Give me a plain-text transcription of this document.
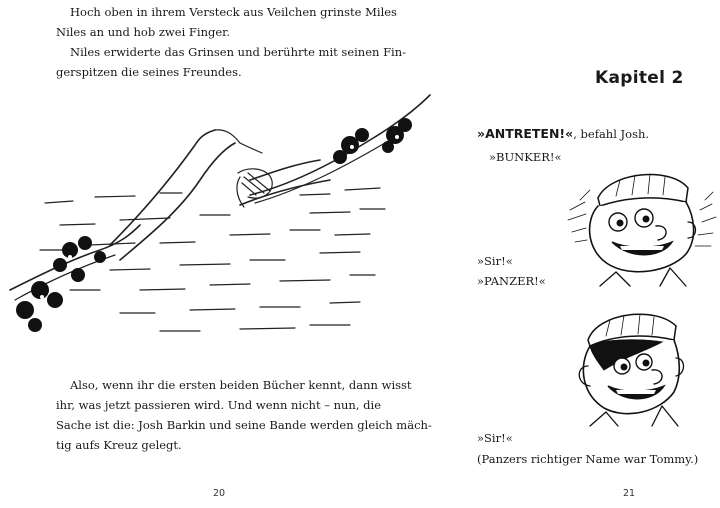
Hoch oben in ihrem Versteck aus Veilchen grinste Miles
Niles an und hob zwei Finger.
Niles erwiderte das Grinsen und berührte mit seinen Fin-
gerspitzen die seines Freundes.

Also, wenn ihr die ersten beiden Bücher kennt, dann wisst
ihr, was jetzt passieren wird. Und wenn nicht – nun, die
Sache ist die: Josh Barkin und seine Bande werden gleich mäch-
tig aufs Kreuz gelegt.

20
Kapitel 2

»ANTRETEN!«, befahl Josh.

»BUNKER!«

»Sir!«

»PANZER!«

»Sir!«

(Panzers richtiger Name war Tommy.)

21
